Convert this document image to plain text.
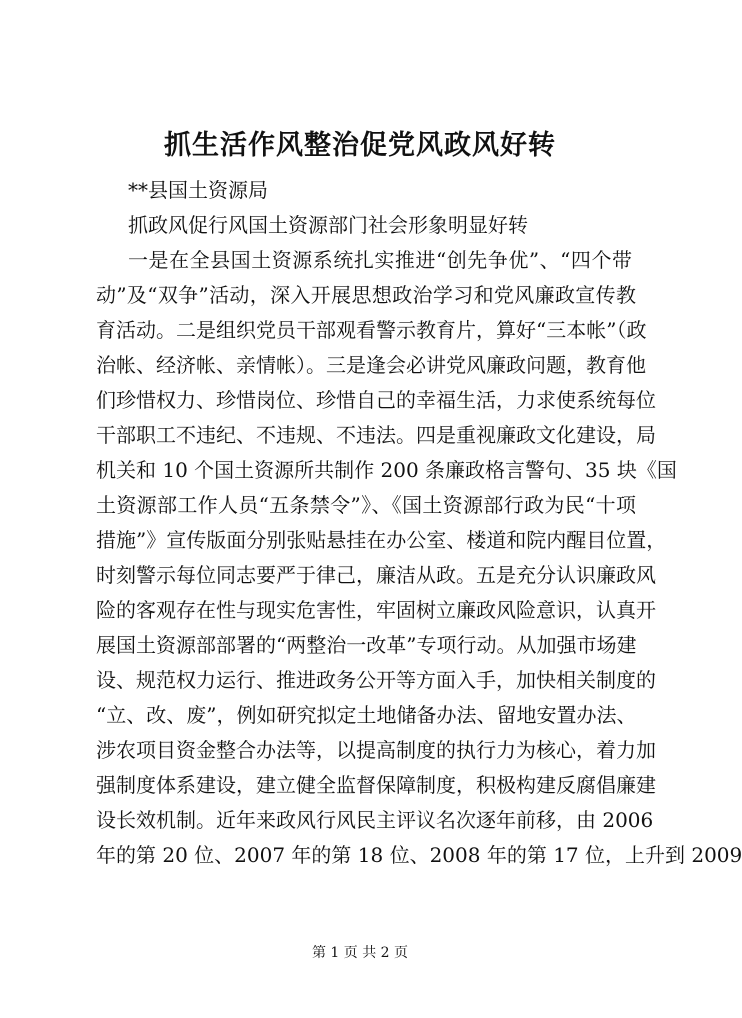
抓生活作风整治促党风政风好转
**县国土资源局
抓政风促行风国土资源部门社会形象明显好转
一是在全县国土资源系统扎实推进“创先争优”、“四个带
动”及“双争”活动，深入开展思想政治学习和党风廉政宣传教
育活动。二是组织党员干部观看警示教育片，算好“三本帐”（政
治帐、经济帐、亲情帐）。三是逢会必讲党风廉政问题，教育他
们珍惜权力、珍惜岗位、珍惜自己的幸福生活，力求使系统每位
干部职工不违纪、不违规、不违法。四是重视廉政文化建设，局
机关和 10 个国土资源所共制作 200 条廉政格言警句、35 块《国
土资源部工作人员“五条禁令”》、《国土资源部行政为民“十项
措施”》宣传版面分别张贴悬挂在办公室、楼道和院内醒目位置，
时刻警示每位同志要严于律己，廉洁从政。五是充分认识廉政风
险的客观存在性与现实危害性，牢固树立廉政风险意识，认真开
展国土资源部部署的“两整治一改革”专项行动。从加强市场建
设、规范权力运行、推进政务公开等方面入手，加快相关制度的
“立、改、废”，例如研究拟定土地储备办法、留地安置办法、
涉农项目资金整合办法等，以提高制度的执行力为核心，着力加
强制度体系建设，建立健全监督保障制度，积极构建反腐倡廉建
设长效机制。近年来政风行风民主评议名次逐年前移，由 2006
年的第 20 位、2007 年的第 18 位、2008 年的第 17 位，上升到 2009
第 1 页 共 2 页
